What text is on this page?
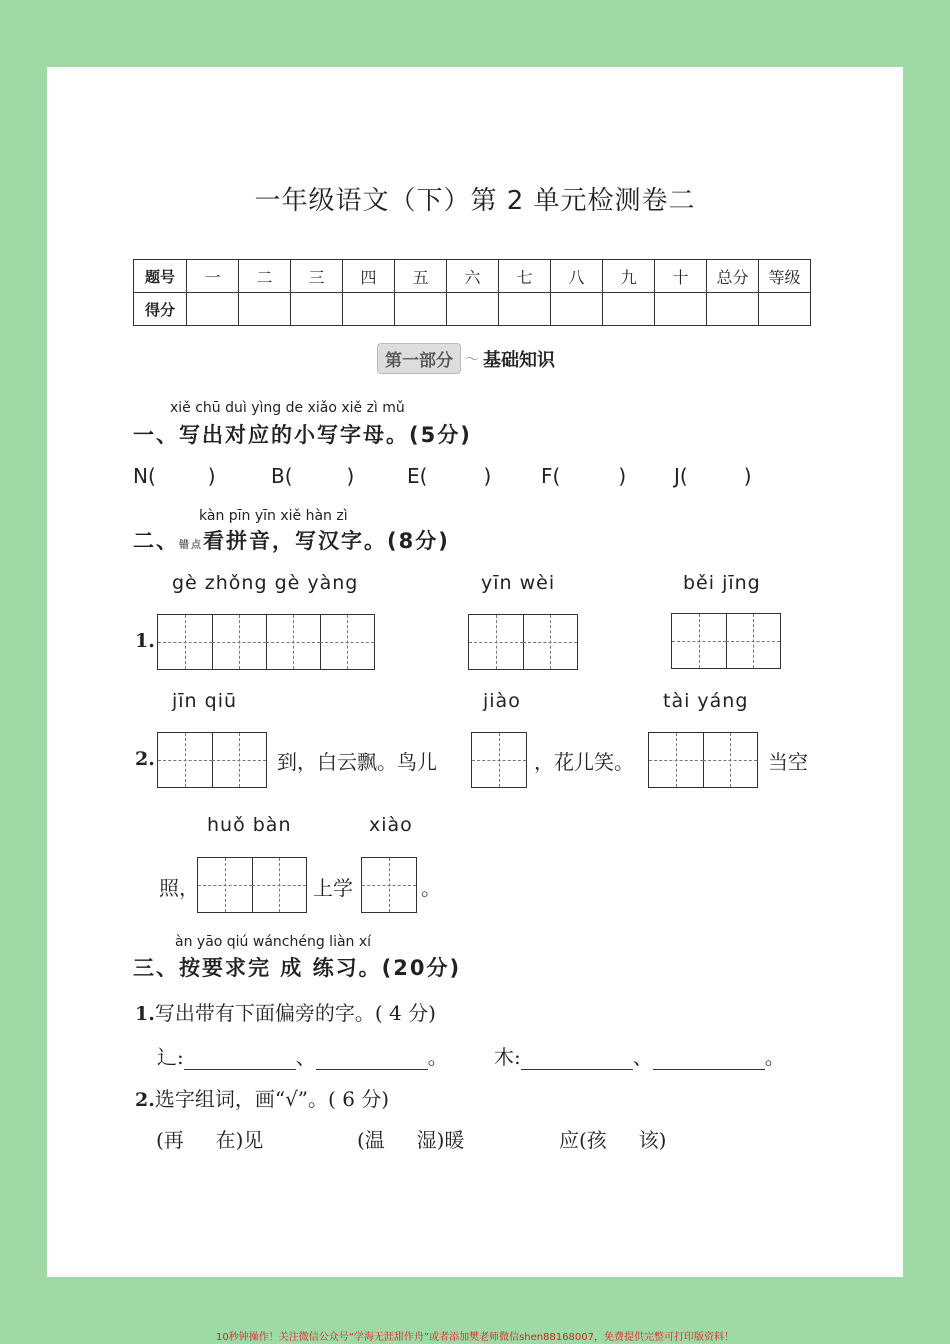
一年级语文（下）第 2 单元检测卷二
题号	一	二	三	四	五	六	七	八	九	十	总分	等级
得分												
第一部分 ～ 基础知识
xiě chū duì yìng de xiǎo xiě zì mǔ
一、写出对应的小写字母。(5分)
N(	)	B(	)	E(	) F(	) J(	)
kàn pīn yīn xiě hàn zì
二、错点看拼音，写汉字。(8分)
gè zhǒng gè yàng	yīn wèi	běi jīng
1.
jīn qiū	jiào	tài yáng
2.	到，白云飘。鸟儿	，花儿笑。	当空
huǒ bàn	xiào
照，	上学	。
àn yāo qiú wánchéng liàn xí
三、按要求完 成 练习。(20分)
1.写出带有下面偏旁的字。( 4 分)
辶:	、	。 木:	、	。
2.选字组词，画“√”。( 6 分)
(再     在)见	(温     湿)暖	应(孩     该)
10秒钟操作！关注微信公众号“学海无涯甜作舟”或者添加樊老师微信shen88168007，免费提供完整可打印版资料！
